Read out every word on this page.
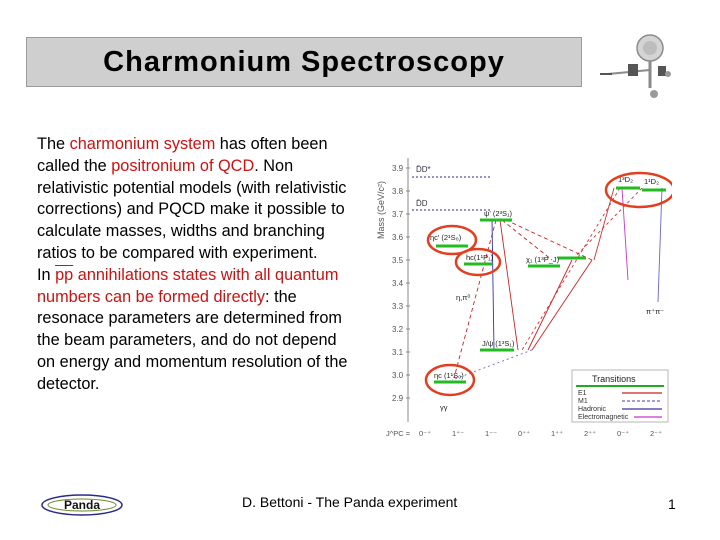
Charmonium Spectroscopy
The charmonium system has often been called the positronium of QCD. Non relativistic potential models (with relativistic corrections) and PQCD make it possible to calculate masses, widths and branching ratios to be compared with experiment.
In $\overline{pp}$ annihilations states with all quantum numbers can be formed directly: the resonace parameters are determined from the beam parameters, and do not depend on energy and momentum resolution of the detector.
Mass (GeV/c²)
3.9
3.8
3.7
3.6
3.5
3.4
3.3
3.2
3.1
3.0
2.9
J^PC = 0⁻⁺	1⁺⁻	1⁻⁻	0⁺⁺	1⁺⁺	2⁺⁺	0⁻⁺	2⁻⁺
D̄D*
D̄D
ψ' (2³S₁)
ηc' (2¹S₀)
hc(1¹P₁)	χ₁ (1³P_J)
1³D₂ 1¹D₂
J/ψ (1³S₁)
ηc (1¹S₀)
π⁺π⁻
η,π⁰
γγ
Transitions
E1
M1
Hadronic
Electromagnetic
Panda	D. Bettoni - The Panda experiment	1
